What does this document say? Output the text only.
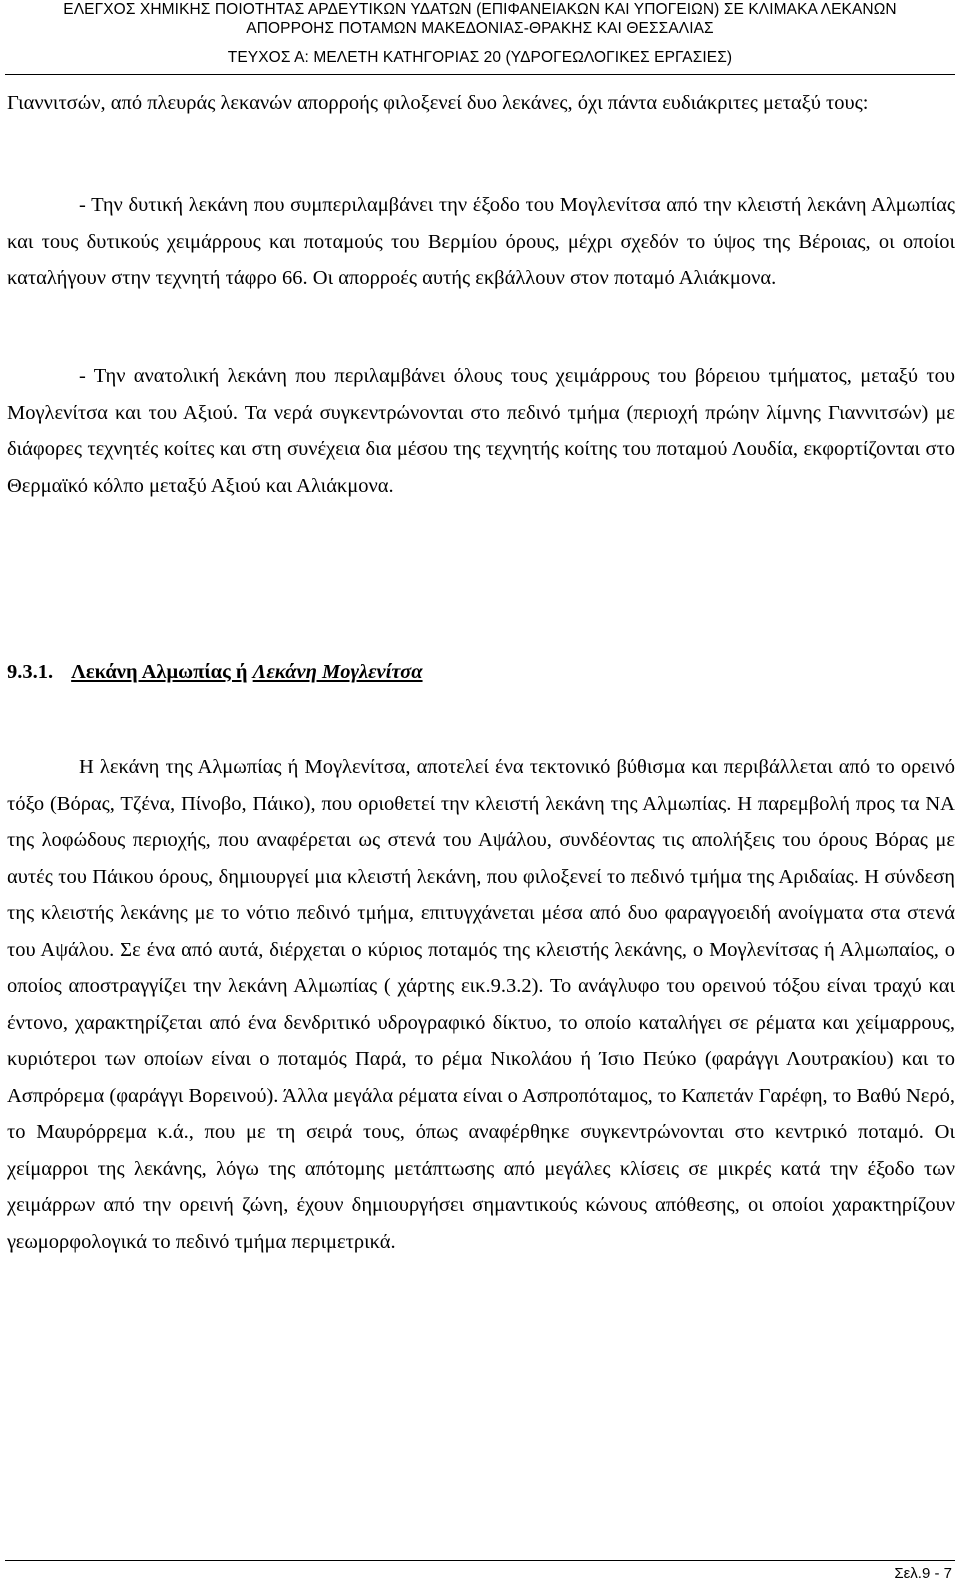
ΕΛΕΓΧΟΣ ΧΗΜΙΚΗΣ ΠΟΙΟΤΗΤΑΣ ΑΡΔΕΥΤΙΚΩΝ ΥΔΑΤΩΝ (ΕΠΙΦΑΝΕΙΑΚΩΝ ΚΑΙ ΥΠΟΓΕΙΩΝ) ΣΕ ΚΛΙΜΑΚΑ ΛΕΚΑΝΩΝ
ΑΠΟΡΡΟΗΣ ΠΟΤΑΜΩΝ ΜΑΚΕΔΟΝΙΑΣ-ΘΡΑΚΗΣ ΚΑΙ ΘΕΣΣΑΛΙΑΣ
ΤΕΥΧΟΣ Α: ΜΕΛΕΤΗ ΚΑΤΗΓΟΡΙΑΣ 20 (ΥΔΡΟΓΕΩΛΟΓΙΚΕΣ ΕΡΓΑΣΙΕΣ)

Γιαννιτσών, από πλευράς λεκανών απορροής φιλοξενεί δυο λεκάνες, όχι πάντα ευδιάκριτες μεταξύ τους:

- Την δυτική λεκάνη που συμπεριλαμβάνει την έξοδο του Μογλενίτσα από την κλειστή λεκάνη Αλμωπίας και τους δυτικούς χειμάρρους και ποταμούς του Βερμίου όρους, μέχρι σχεδόν το ύψος της Βέροιας, οι οποίοι καταλήγουν στην τεχνητή τάφρο 66. Οι απορροές αυτής εκβάλλουν στον ποταμό Αλιάκμονα.

- Την ανατολική λεκάνη που περιλαμβάνει όλους τους χειμάρρους του βόρειου τμήματος, μεταξύ του Μογλενίτσα και του Αξιού. Τα νερά συγκεντρώνονται στο πεδινό τμήμα (περιοχή πρώην λίμνης Γιαννιτσών) με διάφορες τεχνητές κοίτες και στη συνέχεια δια μέσου της τεχνητής κοίτης του ποταμού Λουδία, εκφορτίζονται στο Θερμαϊκό κόλπο μεταξύ Αξιού και Αλιάκμονα.

9.3.1. Λεκάνη Αλμωπίας ή Λεκάνη Μογλενίτσα

Η λεκάνη της Αλμωπίας ή Μογλενίτσα, αποτελεί ένα τεκτονικό βύθισμα και περιβάλλεται από το ορεινό τόξο (Βόρας, Τζένα, Πίνοβο, Πάικο), που οριοθετεί την κλειστή λεκάνη της Αλμωπίας. Η παρεμβολή προς τα ΝΑ της λοφώδους περιοχής, που αναφέρεται ως στενά του Αψάλου, συνδέοντας τις απολήξεις του όρους Βόρας με αυτές του Πάικου όρους, δημιουργεί μια κλειστή λεκάνη, που φιλοξενεί το πεδινό τμήμα της Αριδαίας. Η σύνδεση της κλειστής λεκάνης με το νότιο πεδινό τμήμα, επιτυγχάνεται μέσα από δυο φαραγγοειδή ανοίγματα στα στενά του Αψάλου. Σε ένα από αυτά, διέρχεται ο κύριος ποταμός της κλειστής λεκάνης, ο Μογλενίτσας ή Αλμωπαίος, ο οποίος αποστραγγίζει την λεκάνη Αλμωπίας ( χάρτης εικ.9.3.2). Το ανάγλυφο του ορεινού τόξου είναι τραχύ και έντονο, χαρακτηρίζεται από ένα δενδριτικό υδρογραφικό δίκτυο, το οποίο καταλήγει σε ρέματα και χείμαρρους, κυριότεροι των οποίων είναι ο ποταμός Παρά, το ρέμα Νικολάου ή Ίσιο Πεύκο (φαράγγι Λουτρακίου) και το Ασπρόρεμα (φαράγγι Βορεινού). Άλλα μεγάλα ρέματα είναι ο Ασπροπόταμος, το Καπετάν Γαρέφη, το Βαθύ Νερό, το Μαυρόρρεμα κ.ά., που με τη σειρά τους, όπως αναφέρθηκε συγκεντρώνονται στο κεντρικό ποταμό. Οι χείμαρροι της λεκάνης, λόγω της απότομης μετάπτωσης από μεγάλες κλίσεις σε μικρές κατά την έξοδο των χειμάρρων από την ορεινή ζώνη, έχουν δημιουργήσει σημαντικούς κώνους απόθεσης, οι οποίοι χαρακτηρίζουν γεωμορφολογικά το πεδινό τμήμα περιμετρικά.

Σελ.9 - 7
